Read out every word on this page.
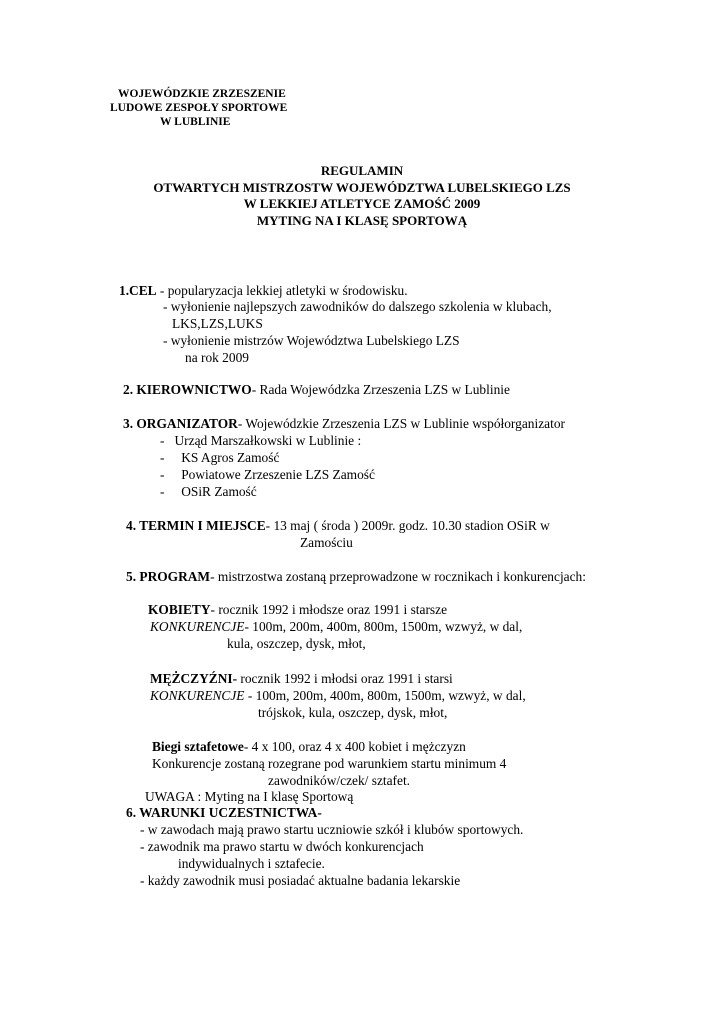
WOJEWÓDZKIE ZRZESZENIE
LUDOWE ZESPOŁY SPORTOWE
W LUBLINIE
REGULAMIN
OTWARTYCH MISTRZOSTW WOJEWÓDZTWA LUBELSKIEGO LZS
W LEKKIEJ ATLETYCE ZAMOŚĆ 2009
MYTING NA I KLASĘ SPORTOWĄ
1.CEL - popularyzacja lekkiej atletyki w środowisku.
- wyłonienie najlepszych zawodników do dalszego szkolenia w klubach,
LKS,LZS,LUKS
- wyłonienie mistrzów Województwa Lubelskiego LZS
na rok 2009
2. KIEROWNICTWO- Rada Wojewódzka Zrzeszenia LZS w Lublinie
3. ORGANIZATOR- Wojewódzkie Zrzeszenia LZS w Lublinie współorganizator
-   Urząd Marszałkowski w Lublinie :
-     KS Agros Zamość
-     Powiatowe Zrzeszenie LZS Zamość
-     OSiR Zamość
4. TERMIN I MIEJSCE- 13 maj ( środa ) 2009r. godz. 10.30 stadion OSiR w
Zamościu
5. PROGRAM- mistrzostwa zostaną przeprowadzone w rocznikach i konkurencjach:
KOBIETY- rocznik 1992 i młodsze oraz 1991 i starsze
KONKURENCJE- 100m, 200m, 400m, 800m, 1500m, wzwyż, w dal,
kula, oszczep, dysk, młot,
MĘŻCZYŹNI- rocznik 1992 i młodsi oraz 1991 i starsi
KONKURENCJE - 100m, 200m, 400m, 800m, 1500m, wzwyż, w dal,
trójskok, kula, oszczep, dysk, młot,
Biegi sztafetowe- 4 x 100, oraz 4 x 400 kobiet i mężczyzn
Konkurencje zostaną rozegrane pod warunkiem startu minimum 4
zawodników/czek/ sztafet.
UWAGA : Myting na I klasę Sportową
6. WARUNKI UCZESTNICTWA-
- w zawodach mają prawo startu uczniowie szkół i klubów sportowych.
- zawodnik ma prawo startu w dwóch konkurencjach
indywidualnych i sztafecie.
- każdy zawodnik musi posiadać aktualne badania lekarskie
